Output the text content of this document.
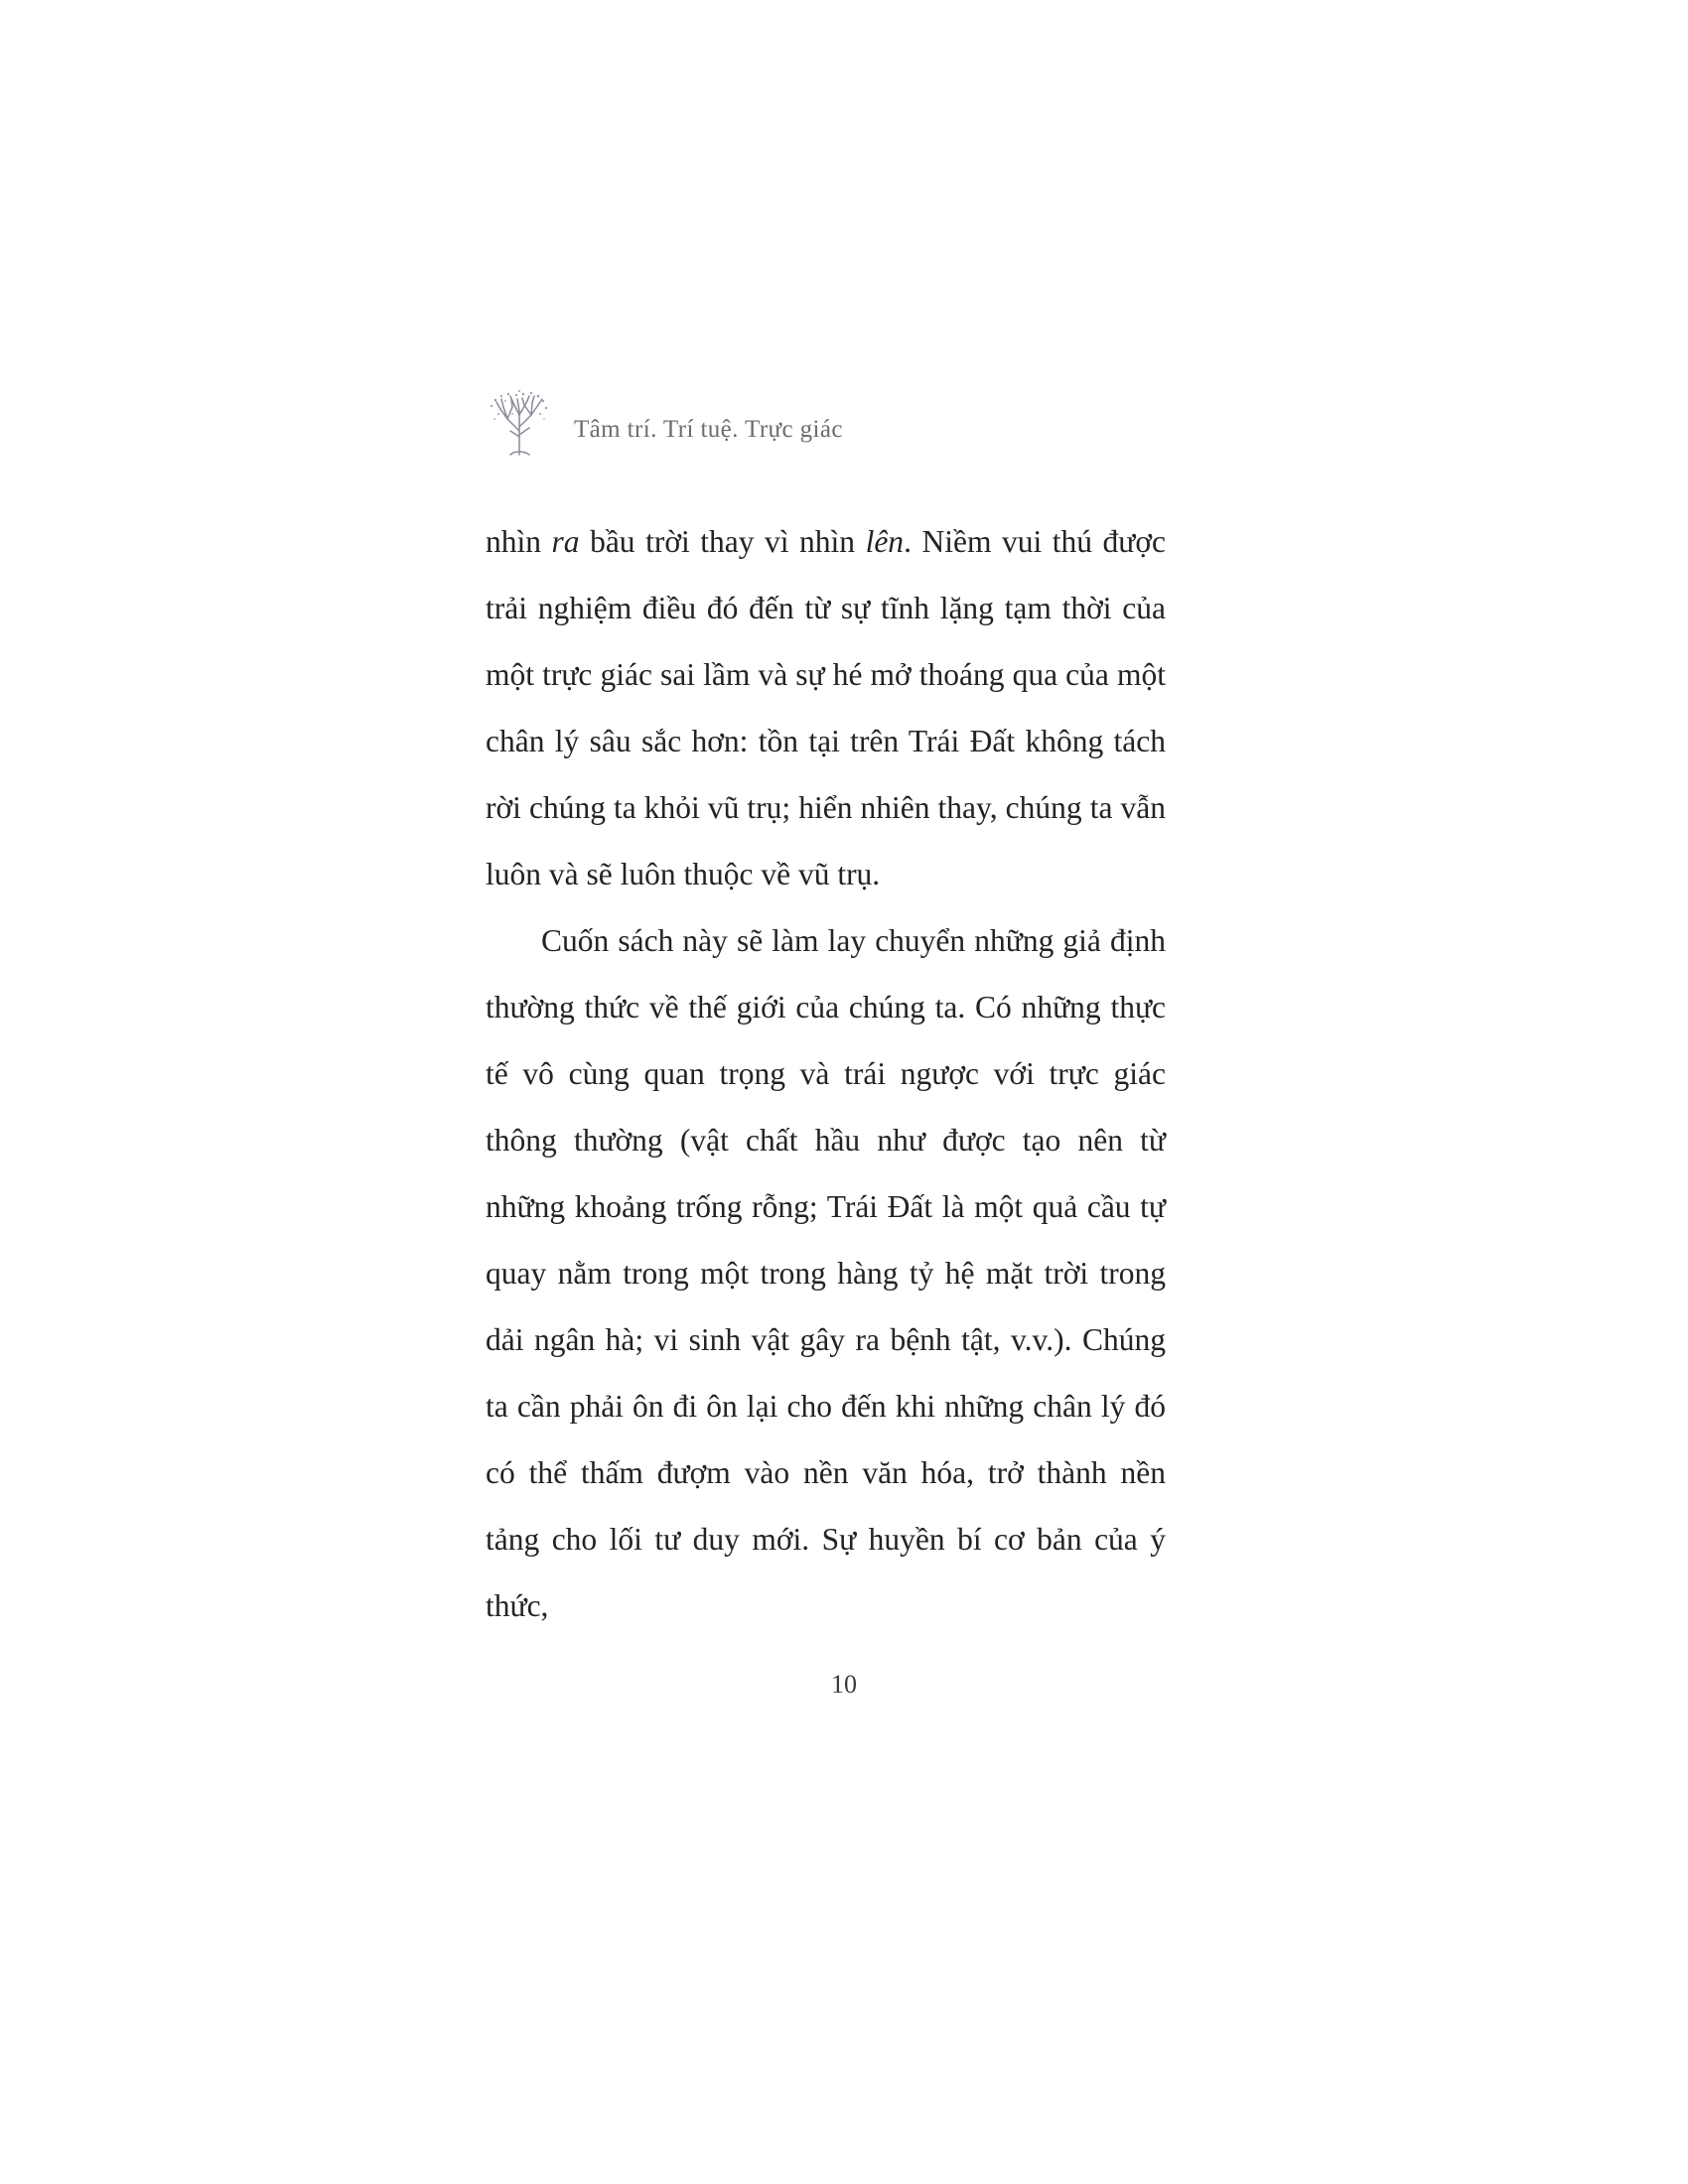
Tâm trí. Trí tuệ. Trực giác

nhìn ra bầu trời thay vì nhìn lên. Niềm vui thú được trải nghiệm điều đó đến từ sự tĩnh lặng tạm thời của một trực giác sai lầm và sự hé mở thoáng qua của một chân lý sâu sắc hơn: tồn tại trên Trái Đất không tách rời chúng ta khỏi vũ trụ; hiển nhiên thay, chúng ta vẫn luôn và sẽ luôn thuộc về vũ trụ.

Cuốn sách này sẽ làm lay chuyển những giả định thường thức về thế giới của chúng ta. Có những thực tế vô cùng quan trọng và trái ngược với trực giác thông thường (vật chất hầu như được tạo nên từ những khoảng trống rỗng; Trái Đất là một quả cầu tự quay nằm trong một trong hàng tỷ hệ mặt trời trong dải ngân hà; vi sinh vật gây ra bệnh tật, v.v.). Chúng ta cần phải ôn đi ôn lại cho đến khi những chân lý đó có thể thấm đượm vào nền văn hóa, trở thành nền tảng cho lối tư duy mới. Sự huyền bí cơ bản của ý thức,

10
